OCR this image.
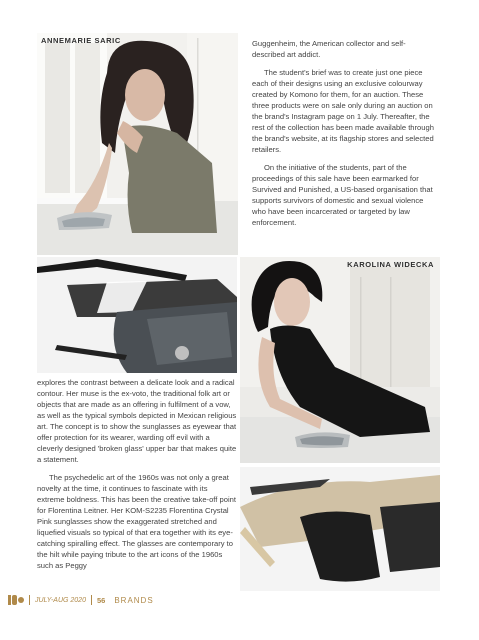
ANNEMARIE SARIC	Guggenheim, the American collector and self-described art addict.

The student's brief was to create just one piece each of their designs using an exclusive colourway created by Komono for them, for an auction. These three products were on sale only during an auction on the brand's Instagram page on 1 July. Thereafter, the rest of the collection has been made available through the brand's website, at its flagship stores and selected retailers.

On the initiative of the students, part of the proceedings of this sale have been earmarked for Survived and Punished, a US-based organisation that supports survivors of domestic and sexual violence who have been incarcerated or targeted by law enforcement.

KAROLINA WIDECKA

explores the contrast between a delicate look and a radical contour. Her muse is the ex-voto, the traditional folk art or objects that are made as an offering in fulfilment of a vow, as well as the typical symbols depicted in Mexican religious art. The concept is to show the sunglasses as eyewear that offer protection for its wearer, warding off evil with a cleverly designed 'broken glass' upper bar that makes quite a statement.

The psychedelic art of the 1960s was not only a great novelty at the time, it continues to fascinate with its extreme boldness. This has been the creative take-off point for Florentina Leitner. Her KOM-S2235 Florentina Crystal Pink sunglasses show the exaggerated stretched and liquefied visuals so typical of that era together with its eye-catching spiralling effect. The glasses are contemporary to the hilt while paying tribute to the art icons of the 1960s such as Peggy

JULY-AUG 2020 56 BRANDS
